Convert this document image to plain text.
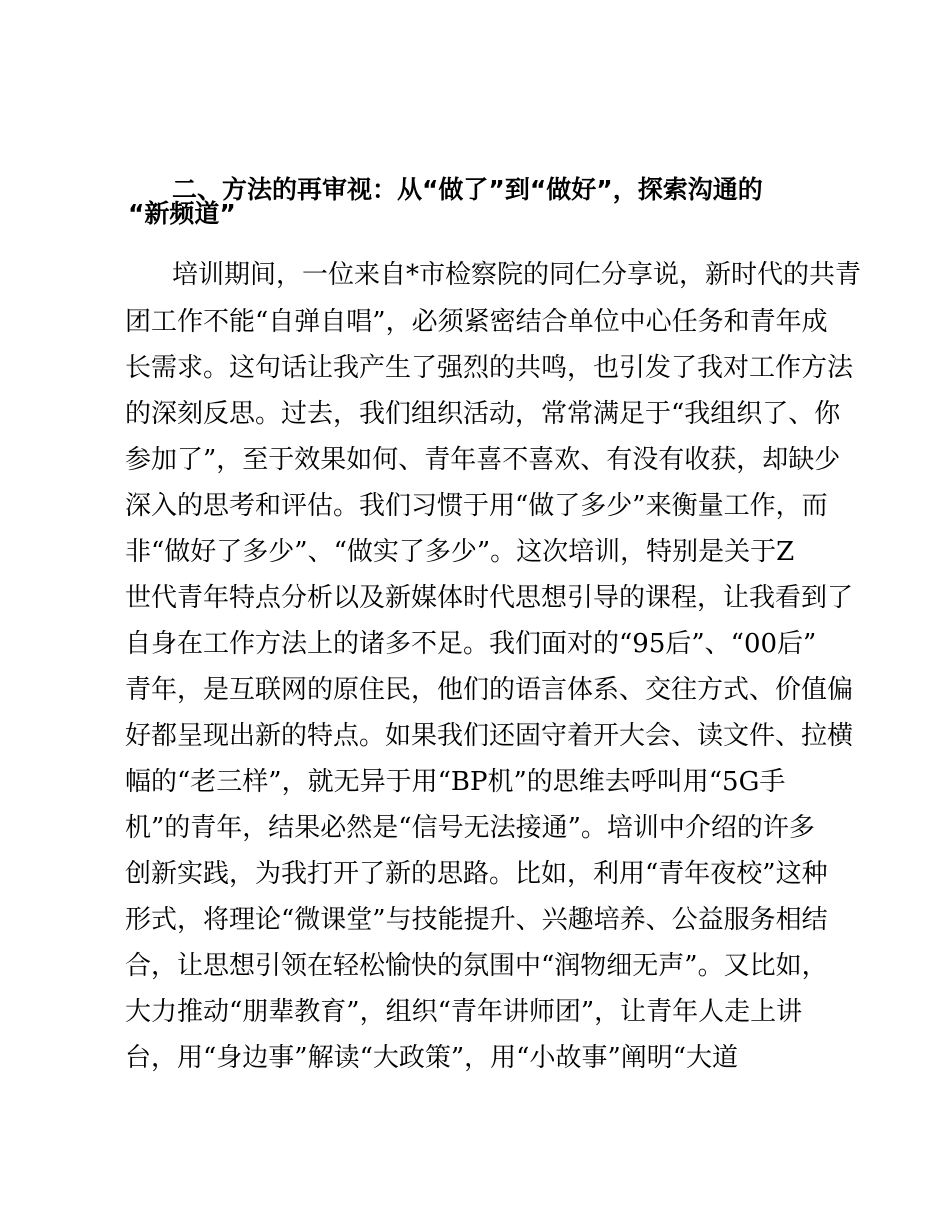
二、方法的再审视：从“做了”到“做好”，探索沟通的
“新频道”
培训期间，一位来自*市检察院的同仁分享说，新时代的共青
团工作不能“自弹自唱”，必须紧密结合单位中心任务和青年成
长需求。这句话让我产生了强烈的共鸣，也引发了我对工作方法
的深刻反思。过去，我们组织活动，常常满足于“我组织了、你
参加了”，至于效果如何、青年喜不喜欢、有没有收获，却缺少
深入的思考和评估。我们习惯于用“做了多少”来衡量工作，而
非“做好了多少”、“做实了多少”。这次培训，特别是关于Z
世代青年特点分析以及新媒体时代思想引导的课程，让我看到了
自身在工作方法上的诸多不足。我们面对的“95后”、“00后”
青年，是互联网的原住民，他们的语言体系、交往方式、价值偏
好都呈现出新的特点。如果我们还固守着开大会、读文件、拉横
幅的“老三样”，就无异于用“BP机”的思维去呼叫用“5G手
机”的青年，结果必然是“信号无法接通”。培训中介绍的许多
创新实践，为我打开了新的思路。比如，利用“青年夜校”这种
形式，将理论“微课堂”与技能提升、兴趣培养、公益服务相结
合，让思想引领在轻松愉快的氛围中“润物细无声”。又比如，
大力推动“朋辈教育”，组织“青年讲师团”，让青年人走上讲
台，用“身边事”解读“大政策”，用“小故事”阐明“大道
